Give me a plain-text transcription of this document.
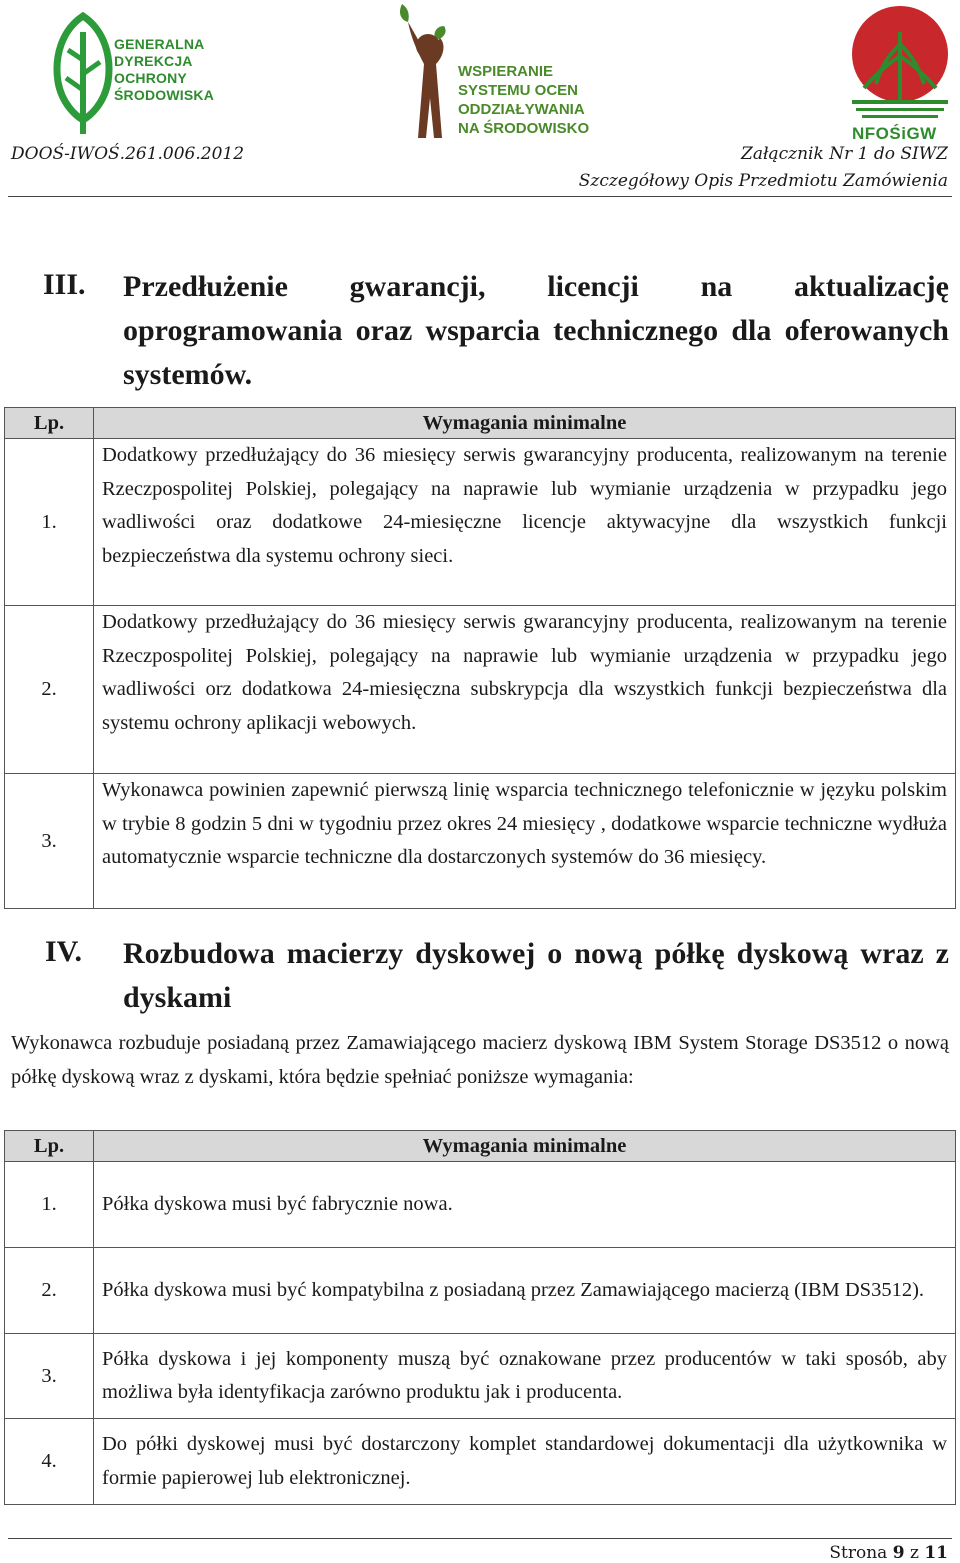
GENERALNA
DYREKCJA
OCHRONY
ŚRODOWISKA
WSPIERANIE
SYSTEMU OCEN
ODDZIAŁYWANIA
NA ŚRODOWISKO	NFOŚiGW
DOOŚ-IWOŚ.261.006.2012	Załącznik Nr 1 do SIWZ
Szczegółowy Opis Przedmiotu Zamówienia
III. Przedłużenie gwarancji, licencji na aktualizację oprogramowania oraz wsparcia technicznego dla oferowanych systemów.
Lp.	Wymagania minimalne
1.	Dodatkowy przedłużający do 36 miesięcy serwis gwarancyjny producenta, realizowanym na terenie Rzeczpospolitej Polskiej, polegający na naprawie lub wymianie urządzenia w przypadku jego wadliwości oraz dodatkowe 24-miesięczne licencje aktywacyjne dla wszystkich funkcji bezpieczeństwa dla systemu ochrony sieci.
2.	Dodatkowy przedłużający do 36 miesięcy serwis gwarancyjny producenta, realizowanym na terenie Rzeczpospolitej Polskiej, polegający na naprawie lub wymianie urządzenia w przypadku jego wadliwości orz dodatkowa 24-miesięczna subskrypcja dla wszystkich funkcji bezpieczeństwa dla systemu ochrony aplikacji webowych.
3.	Wykonawca powinien zapewnić pierwszą linię wsparcia technicznego telefonicznie w języku polskim w trybie 8 godzin 5 dni w tygodniu przez okres 24 miesięcy , dodatkowe wsparcie techniczne wydłuża automatycznie wsparcie techniczne dla dostarczonych systemów do 36 miesięcy.
IV. Rozbudowa macierzy dyskowej o nową półkę dyskową wraz z dyskami
Wykonawca rozbuduje posiadaną przez Zamawiającego macierz dyskową IBM System Storage DS3512 o nową półkę dyskową wraz z dyskami, która będzie spełniać poniższe wymagania:
Lp.	Wymagania minimalne
1.	Półka dyskowa musi być fabrycznie nowa.
2.	Półka dyskowa musi być kompatybilna z posiadaną przez Zamawiającego macierzą (IBM DS3512).
3.	Półka dyskowa i jej komponenty muszą być oznakowane przez producentów w taki sposób, aby możliwa była identyfikacja zarówno produktu jak i producenta.
4.	Do półki dyskowej musi być dostarczony komplet standardowej dokumentacji dla użytkownika w formie papierowej lub elektronicznej.
Strona 9 z 11
